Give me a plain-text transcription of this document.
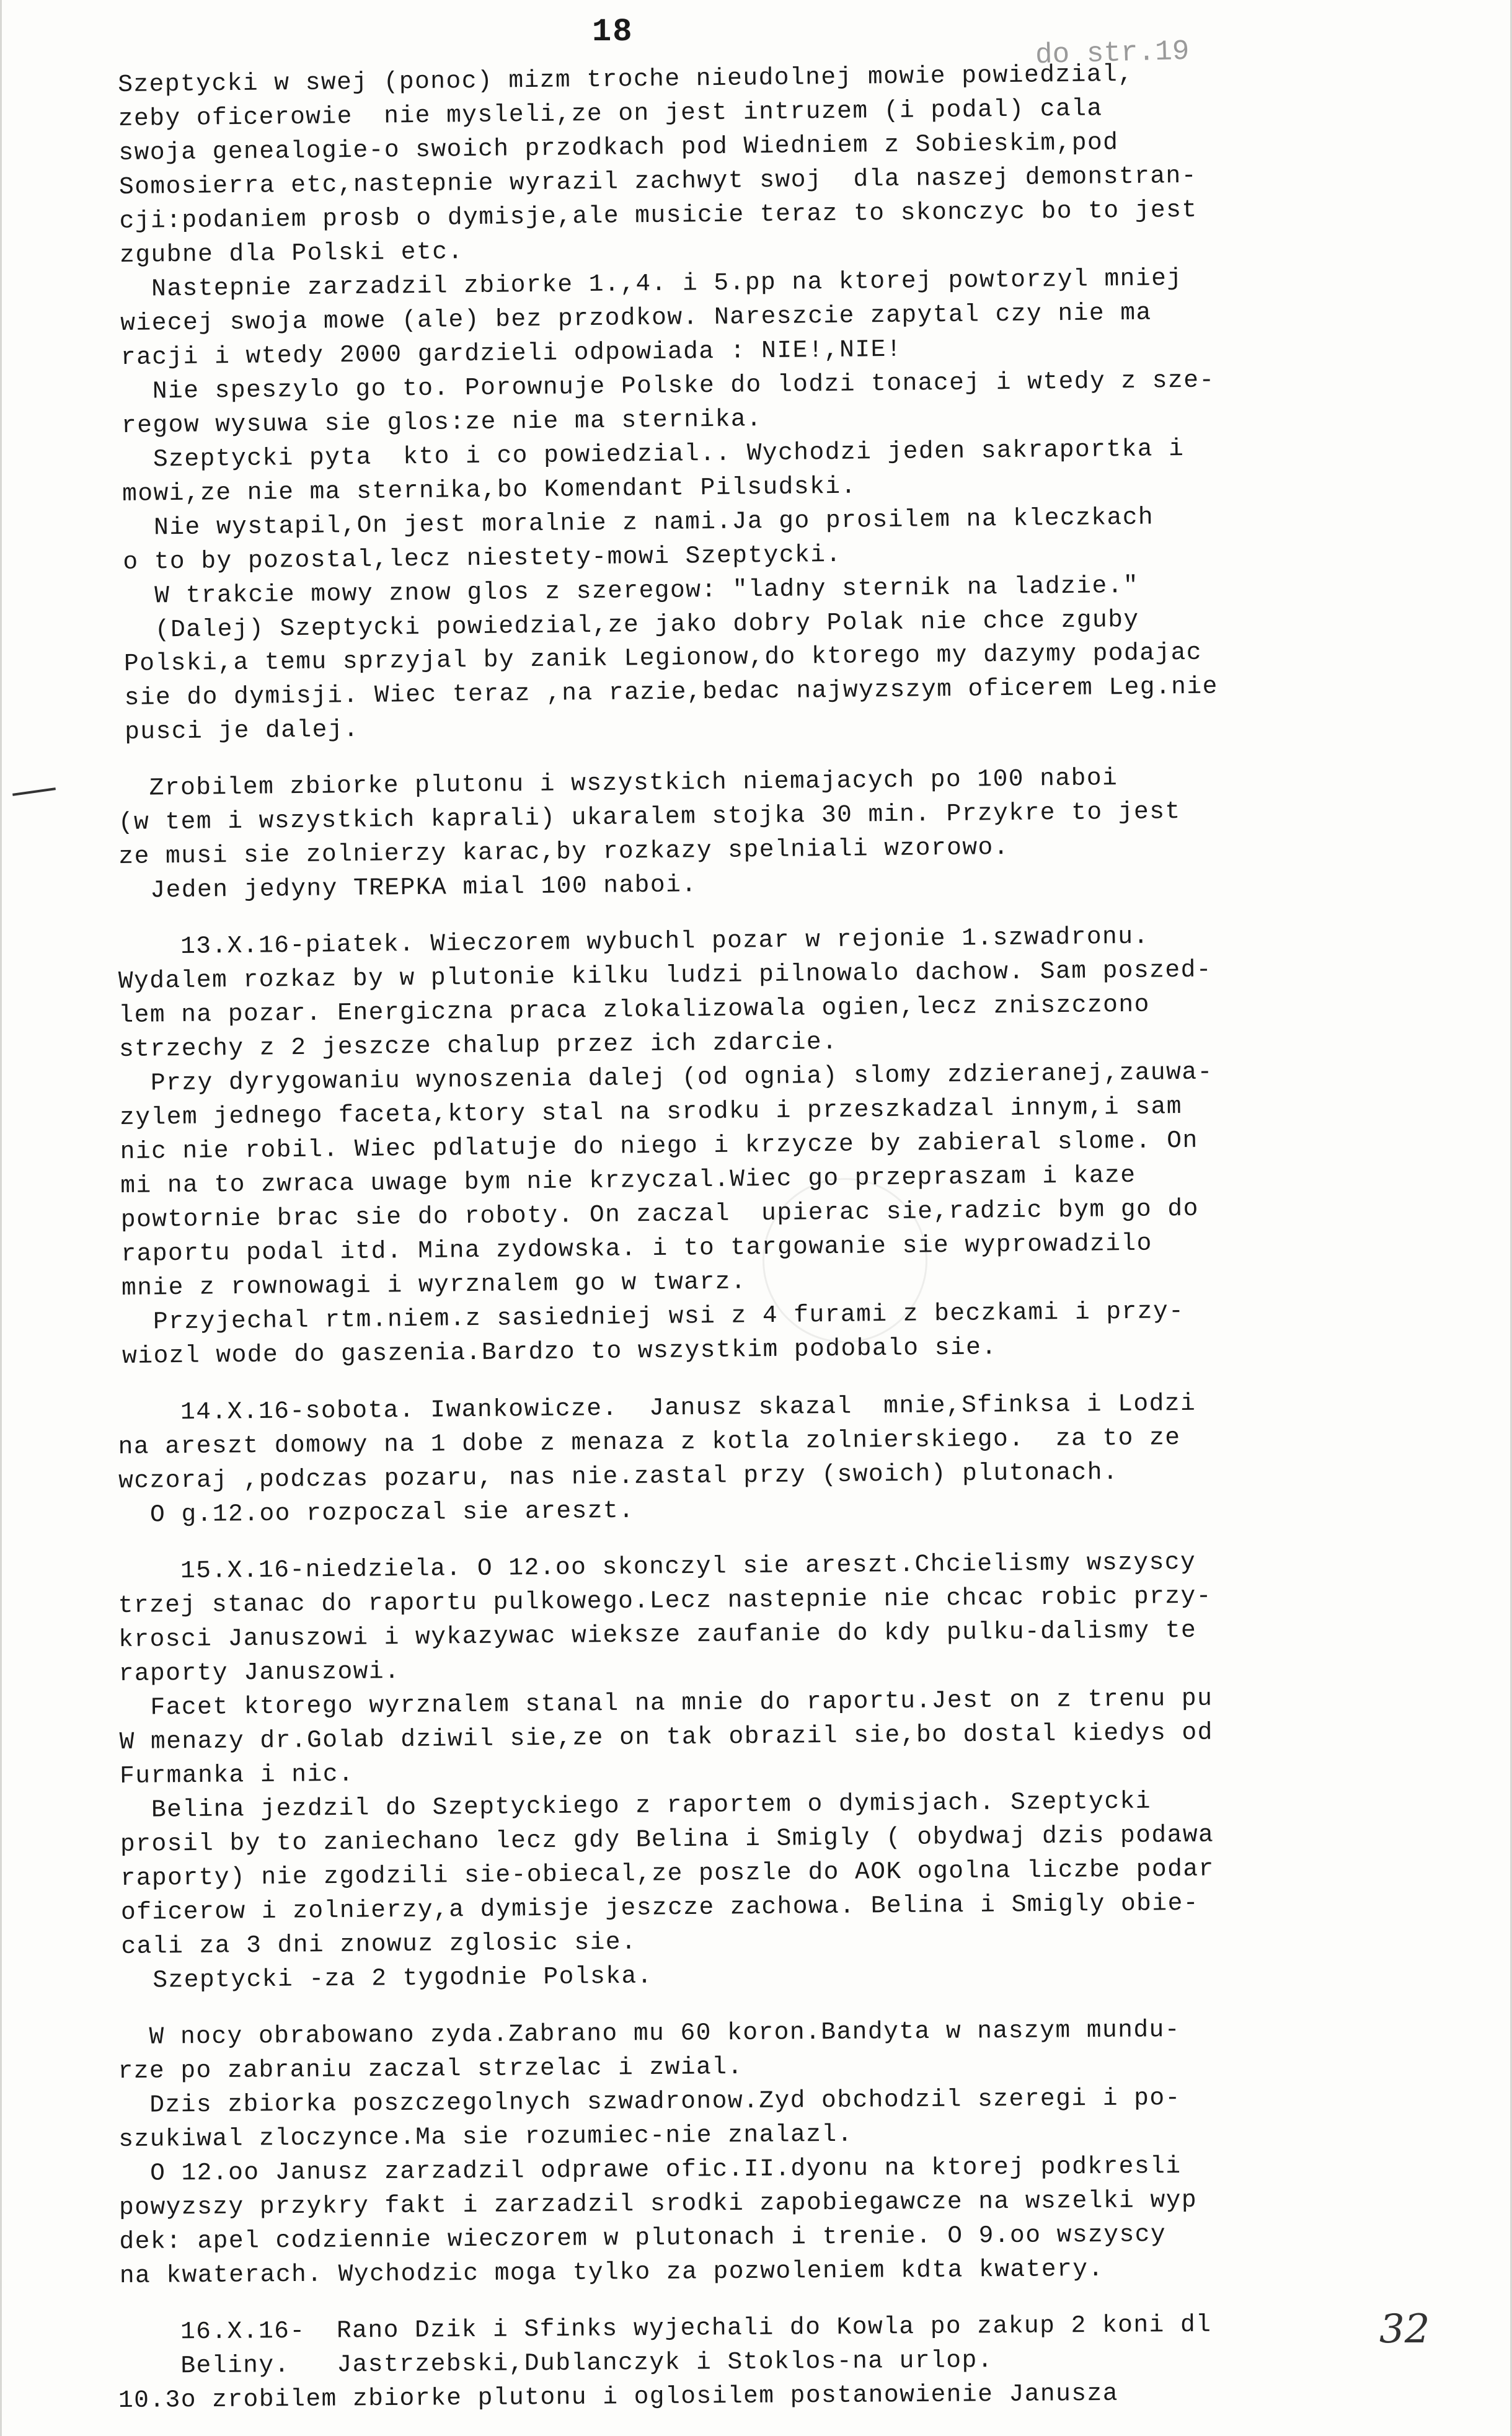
18
do str.19
Szeptycki w swej (ponoc) mizm troche nieudolnej mowie powiedzial,
zeby oficerowie  nie mysleli,ze on jest intruzem (i podal) cala
swoja genealogie-o swoich przodkach pod Wiedniem z Sobieskim,pod
Somosierra etc,nastepnie wyrazil zachwyt swoj  dla naszej demonstran-
cji:podaniem prosb o dymisje,ale musicie teraz to skonczyc bo to jest
zgubne dla Polski etc.
Nastepnie zarzadzil zbiorke 1.,4. i 5.pp na ktorej powtorzyl mniej
wiecej swoja mowe (ale) bez przodkow. Nareszcie zapytal czy nie ma
racji i wtedy 2000 gardzieli odpowiada : NIE!,NIE!
Nie speszylo go to. Porownuje Polske do lodzi tonacej i wtedy z sze-
regow wysuwa sie glos:ze nie ma sternika.
Szeptycki pyta  kto i co powiedzial.. Wychodzi jeden sakraportka i
mowi,ze nie ma sternika,bo Komendant Pilsudski.
Nie wystapil,On jest moralnie z nami.Ja go prosilem na kleczkach
o to by pozostal,lecz niestety-mowi Szeptycki.
W trakcie mowy znow glos z szeregow: "ladny sternik na ladzie."
(Dalej) Szeptycki powiedzial,ze jako dobry Polak nie chce zguby
Polski,a temu sprzyjal by zanik Legionow,do ktorego my dazymy podajac
sie do dymisji. Wiec teraz ,na razie,bedac najwyzszym oficerem Leg.nie
pusci je dalej.
Zrobilem zbiorke plutonu i wszystkich niemajacych po 100 naboi
(w tem i wszystkich kaprali) ukaralem stojka 30 min. Przykre to jest
ze musi sie zolnierzy karac,by rozkazy spelniali wzorowo.
Jeden jedyny TREPKA mial 100 naboi.
13.X.16-piatek. Wieczorem wybuchl pozar w rejonie 1.szwadronu.
Wydalem rozkaz by w plutonie kilku ludzi pilnowalo dachow. Sam poszed-
lem na pozar. Energiczna praca zlokalizowala ogien,lecz zniszczono
strzechy z 2 jeszcze chalup przez ich zdarcie.
Przy dyrygowaniu wynoszenia dalej (od ognia) slomy zdzieranej,zauwa-
zylem jednego faceta,ktory stal na srodku i przeszkadzal innym,i sam
nic nie robil. Wiec pdlatuje do niego i krzycze by zabieral slome. On
mi na to zwraca uwage bym nie krzyczal.Wiec go przepraszam i kaze
powtornie brac sie do roboty. On zaczal  upierac sie,radzic bym go do
raportu podal itd. Mina zydowska. i to targowanie sie wyprowadzilo
mnie z rownowagi i wyrznalem go w twarz.
Przyjechal rtm.niem.z sasiedniej wsi z 4 furami z beczkami i przy-
wiozl wode do gaszenia.Bardzo to wszystkim podobalo sie.
14.X.16-sobota. Iwankowicze.  Janusz skazal  mnie,Sfinksa i Lodzi
na areszt domowy na 1 dobe z menaza z kotla zolnierskiego.  za to ze
wczoraj ,podczas pozaru, nas nie.zastal przy (swoich) plutonach.
O g.12.oo rozpoczal sie areszt.
15.X.16-niedziela. O 12.oo skonczyl sie areszt.Chcielismy wszyscy
trzej stanac do raportu pulkowego.Lecz nastepnie nie chcac robic przy-
krosci Januszowi i wykazywac wieksze zaufanie do kdy pulku-dalismy te
raporty Januszowi.
Facet ktorego wyrznalem stanal na mnie do raportu.Jest on z trenu pu
W menazy dr.Golab dziwil sie,ze on tak obrazil sie,bo dostal kiedys od
Furmanka i nic.
Belina jezdzil do Szeptyckiego z raportem o dymisjach. Szeptycki
prosil by to zaniechano lecz gdy Belina i Smigly ( obydwaj dzis podawa
raporty) nie zgodzili sie-obiecal,ze poszle do AOK ogolna liczbe podar
oficerow i zolnierzy,a dymisje jeszcze zachowa. Belina i Smigly obie-
cali za 3 dni znowuz zglosic sie.
Szeptycki -za 2 tygodnie Polska.
W nocy obrabowano zyda.Zabrano mu 60 koron.Bandyta w naszym mundu-
rze po zabraniu zaczal strzelac i zwial.
Dzis zbiorka poszczegolnych szwadronow.Zyd obchodzil szeregi i po-
szukiwal zloczynce.Ma sie rozumiec-nie znalazl.
O 12.oo Janusz zarzadzil odprawe ofic.II.dyonu na ktorej podkresli
powyzszy przykry fakt i zarzadzil srodki zapobiegawcze na wszelki wyp
dek: apel codziennie wieczorem w plutonach i trenie. O 9.oo wszyscy
na kwaterach. Wychodzic moga tylko za pozwoleniem kdta kwatery.
16.X.16-  Rano Dzik i Sfinks wyjechali do Kowla po zakup 2 koni dl
Beliny.   Jastrzebski,Dublanczyk i Stoklos-na urlop.
10.3o zrobilem zbiorke plutonu i oglosilem postanowienie Janusza
32
